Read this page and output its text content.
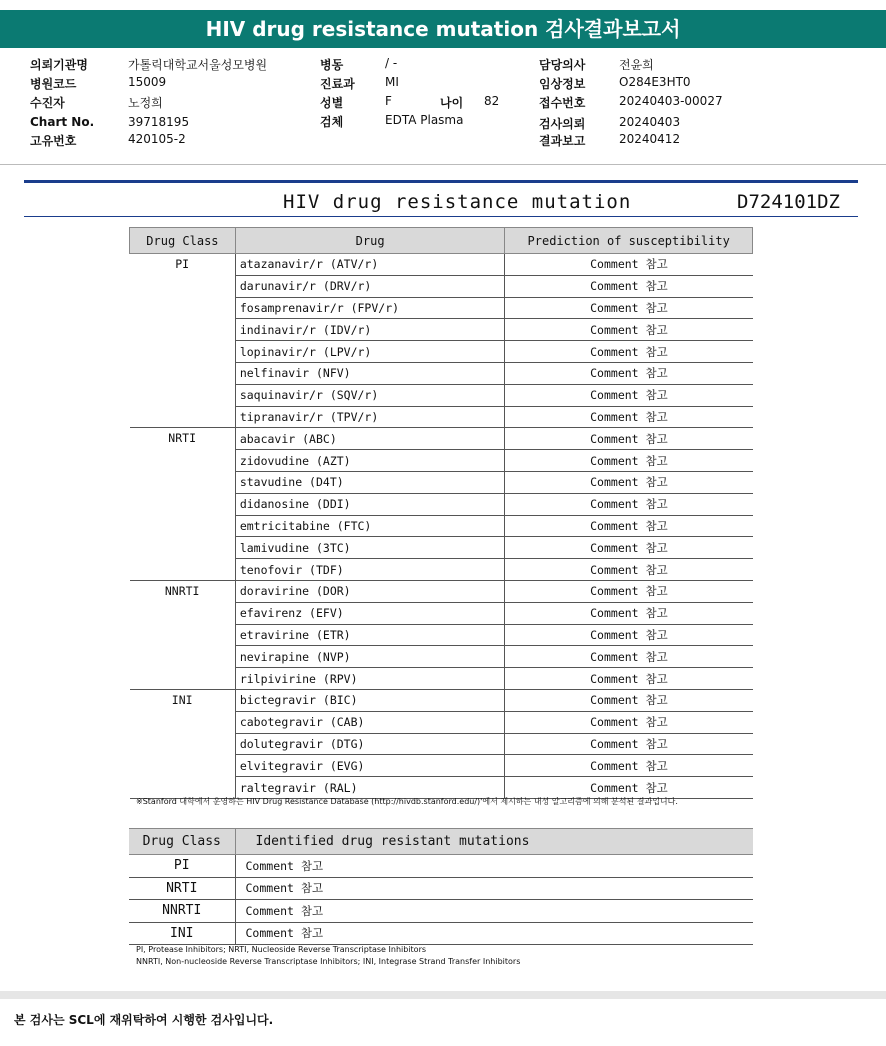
HIV drug resistance mutation 검사결과보고서
의뢰기관명	가톨릭대학교서울성모병원
병원코드	15009
수진자	노정희
Chart No.	39718195
고유번호	420105-2
병동	/ -
진료과	MI
성별	F	나이 82
검체	EDTA Plasma
담당의사	전윤희
임상정보	O284E3HT0
접수번호	20240403-00027
검사의뢰	20240403
결과보고	20240412
HIV drug resistance mutation	D724101DZ
Drug Class	Drug	Prediction of susceptibility
PI	atazanavir/r (ATV/r)	Comment 참고
	darunavir/r (DRV/r)	Comment 참고
	fosamprenavir/r (FPV/r)	Comment 참고
	indinavir/r (IDV/r)	Comment 참고
	lopinavir/r (LPV/r)	Comment 참고
	nelfinavir (NFV)	Comment 참고
	saquinavir/r (SQV/r)	Comment 참고
	tipranavir/r (TPV/r)	Comment 참고
NRTI	abacavir (ABC)	Comment 참고
	zidovudine (AZT)	Comment 참고
	stavudine (D4T)	Comment 참고
	didanosine (DDI)	Comment 참고
	emtricitabine (FTC)	Comment 참고
	lamivudine (3TC)	Comment 참고
	tenofovir (TDF)	Comment 참고
NNRTI	doravirine (DOR)	Comment 참고
	efavirenz (EFV)	Comment 참고
	etravirine (ETR)	Comment 참고
	nevirapine (NVP)	Comment 참고
	rilpivirine (RPV)	Comment 참고
INI	bictegravir (BIC)	Comment 참고
	cabotegravir (CAB)	Comment 참고
	dolutegravir (DTG)	Comment 참고
	elvitegravir (EVG)	Comment 참고
	raltegravir (RAL)	Comment 참고
※Stanford 대학에서 운영하는 HIV Drug Resistance Database (http://hivdb.stanford.edu/)'에서 제시하는 내성 알고리즘에 의해 분석된 결과입니다.
Drug Class	Identified drug resistant mutations
PI	Comment 참고
NRTI	Comment 참고
NNRTI	Comment 참고
INI	Comment 참고
PI, Protease Inhibitors; NRTI, Nucleoside Reverse Transcriptase Inhibitors
NNRTI, Non-nucleoside Reverse Transcriptase Inhibitors; INI, Integrase Strand Transfer Inhibitors
본 검사는 SCL에 재위탁하여 시행한 검사입니다.
